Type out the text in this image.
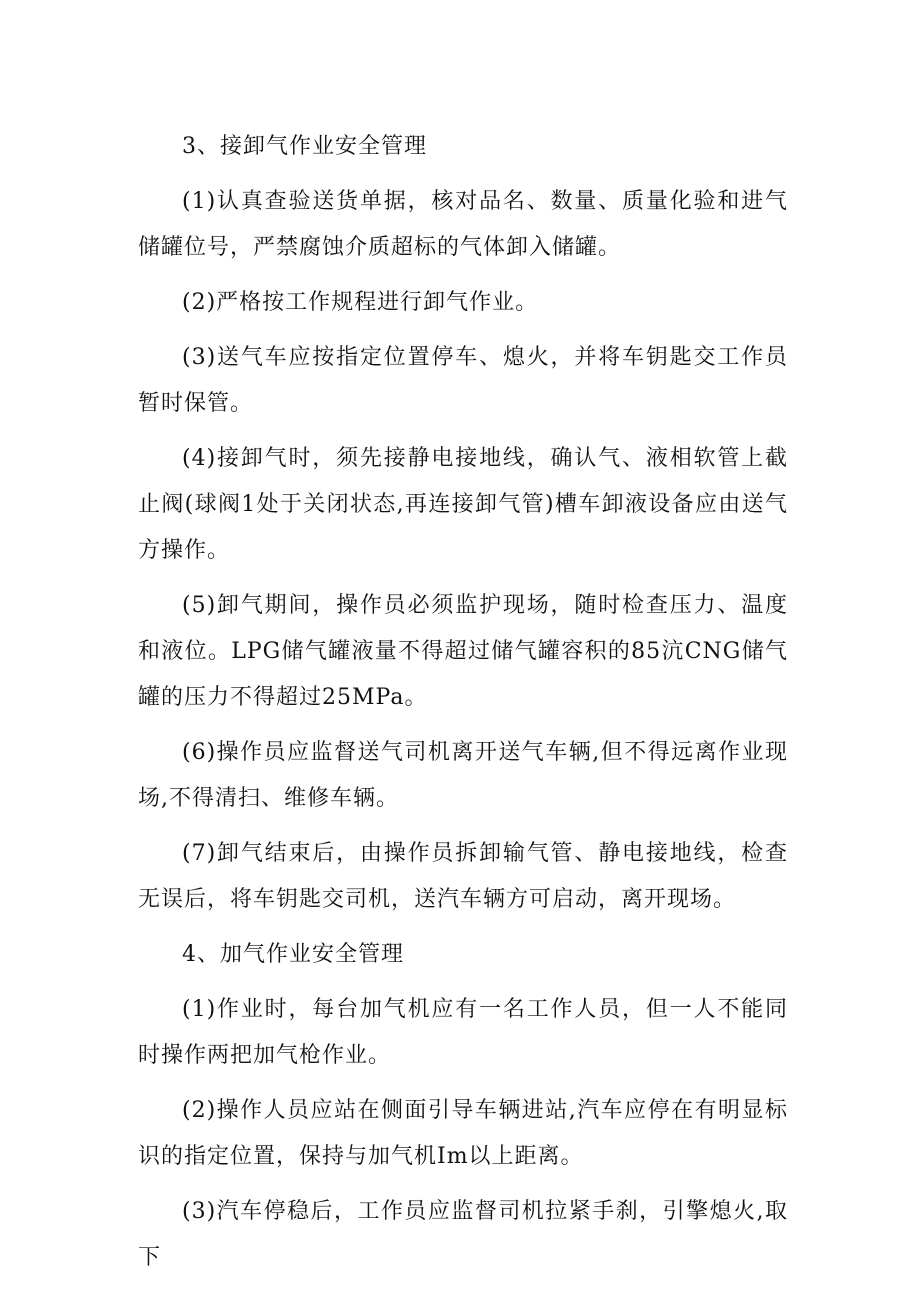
3、接卸气作业安全管理

(1)认真查验送货单据，核对品名、数量、质量化验和进气储罐位号，严禁腐蚀介质超标的气体卸入储罐。

(2)严格按工作规程进行卸气作业。

(3)送气车应按指定位置停车、熄火，并将车钥匙交工作员暂时保管。

(4)接卸气时，须先接静电接地线，确认气、液相软管上截止阀(球阀1处于关闭状态,再连接卸气管)槽车卸液设备应由送气方操作。

(5)卸气期间，操作员必须监护现场，随时检查压力、温度和液位。LPG储气罐液量不得超过储气罐容积的85沆CNG储气罐的压力不得超过25MPa。

(6)操作员应监督送气司机离开送气车辆,但不得远离作业现场,不得清扫、维修车辆。

(7)卸气结束后，由操作员拆卸输气管、静电接地线，检查无误后，将车钥匙交司机，送汽车辆方可启动，离开现场。

4、加气作业安全管理

(1)作业时，每台加气机应有一名工作人员，但一人不能同时操作两把加气枪作业。

(2)操作人员应站在侧面引导车辆进站,汽车应停在有明显标识的指定位置，保持与加气机Im以上距离。

(3)汽车停稳后，工作员应监督司机拉紧手刹，引擎熄火,取下
